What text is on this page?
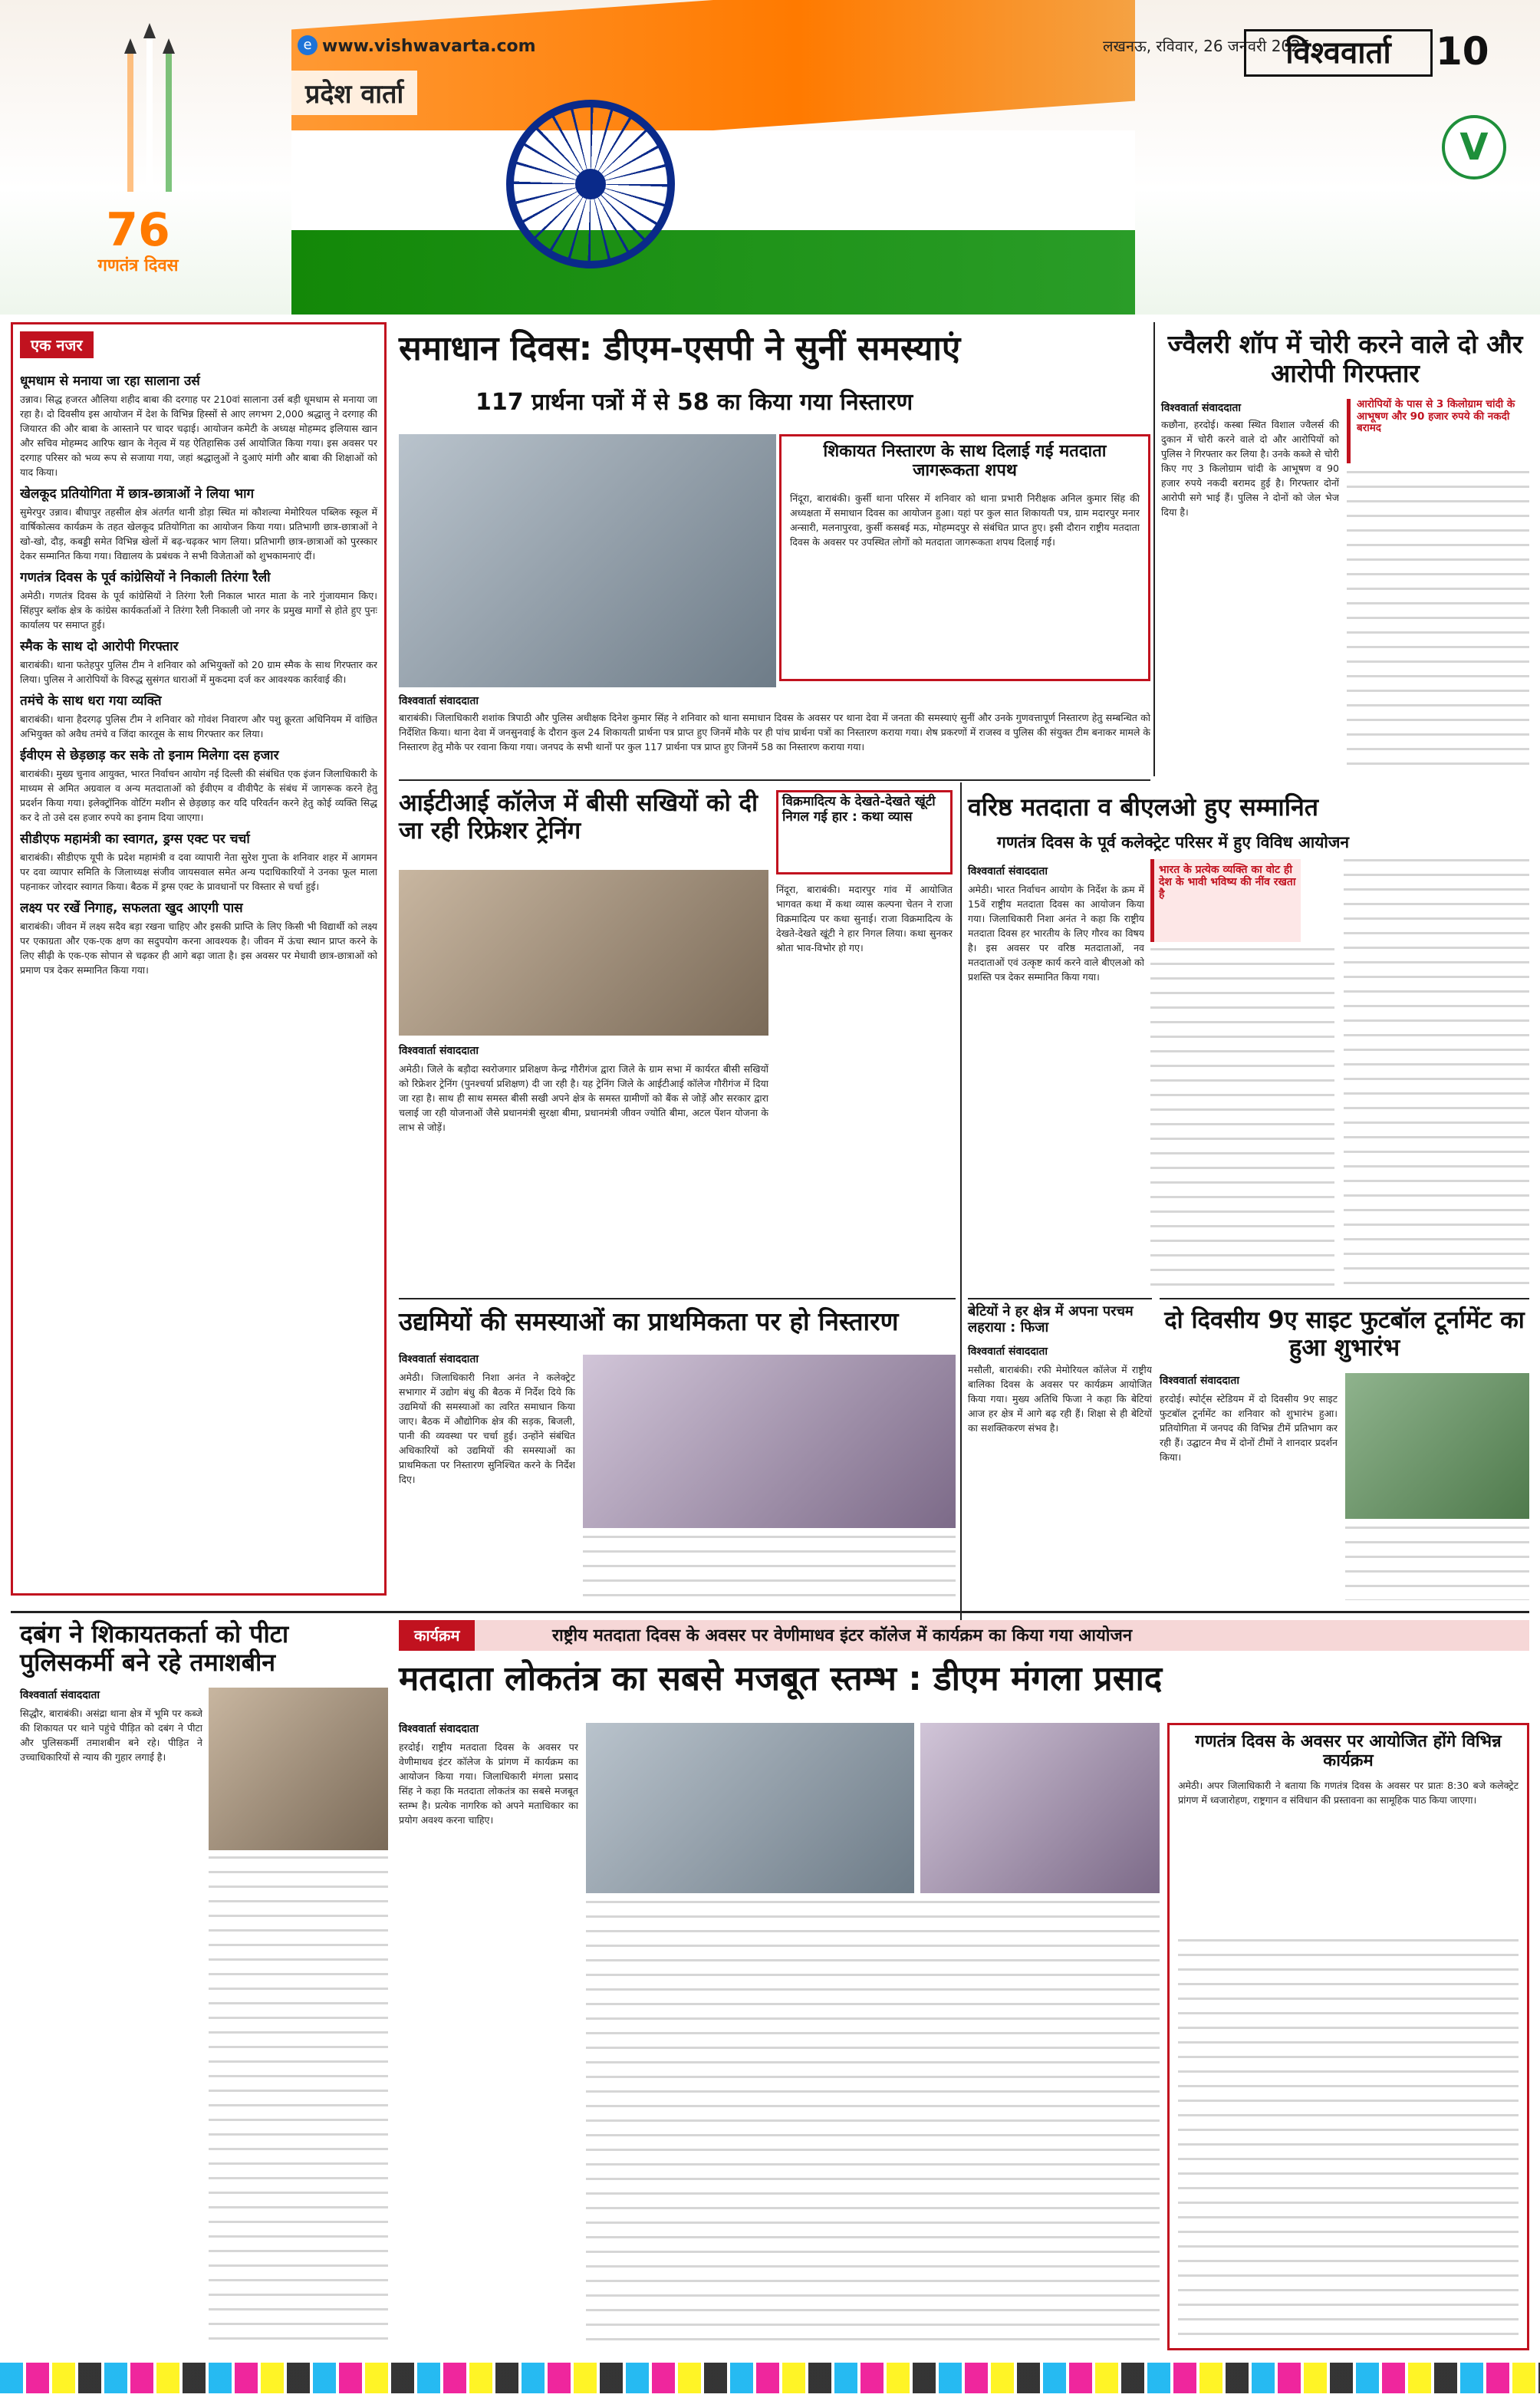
76
गणतंत्र दिवस
e www.vishwavarta.com
प्रदेश वार्ता
लखनऊ, रविवार, 26 जनवरी 2025
विश्ववार्ता	10
V
एक नजर
धूमधाम से मनाया जा रहा सालाना उर्स
उन्नाव। सिद्ध हजरत औलिया शहीद बाबा की दरगाह पर 210वां सालाना उर्स बड़ी धूमधाम से मनाया जा रहा है। दो दिवसीय इस आयोजन में देश के विभिन्न हिस्सों से आए लगभग 2,000 श्रद्धालु ने दरगाह की जियारत की और बाबा के आस्ताने पर चादर चढ़ाई। आयोजन कमेटी के अध्यक्ष मोहम्मद इलियास खान और सचिव मोहम्मद आरिफ खान के नेतृत्व में यह ऐतिहासिक उर्स आयोजित किया गया। इस अवसर पर दरगाह परिसर को भव्य रूप से सजाया गया, जहां श्रद्धालुओं ने दुआएं मांगी और बाबा की शिक्षाओं को याद किया।
खेलकूद प्रतियोगिता में छात्र-छात्राओं ने लिया भाग
सुमेरपुर उन्नाव। बीघापुर तहसील क्षेत्र अंतर्गत थानी डोड़ा स्थित मां कौशल्या मेमोरियल पब्लिक स्कूल में वार्षिकोत्सव कार्यक्रम के तहत खेलकूद प्रतियोगिता का आयोजन किया गया। प्रतिभागी छात्र-छात्राओं ने खो-खो, दौड़, कबड्डी समेत विभिन्न खेलों में बढ़-चढ़कर भाग लिया। प्रतिभागी छात्र-छात्राओं को पुरस्कार देकर सम्मानित किया गया। विद्यालय के प्रबंधक ने सभी विजेताओं को शुभकामनाएं दीं।
गणतंत्र दिवस के पूर्व कांग्रेसियों ने निकाली तिरंगा रैली
अमेठी। गणतंत्र दिवस के पूर्व कांग्रेसियों ने तिरंगा रैली निकाल भारत माता के नारे गुंजायमान किए। सिंहपुर ब्लॉक क्षेत्र के कांग्रेस कार्यकर्ताओं ने तिरंगा रैली निकाली जो नगर के प्रमुख मार्गों से होते हुए पुनः कार्यालय पर समाप्त हुई।
स्मैक के साथ दो आरोपी गिरफ्तार
बाराबंकी। थाना फतेहपुर पुलिस टीम ने शनिवार को अभियुक्तों को 20 ग्राम स्मैक के साथ गिरफ्तार कर लिया। पुलिस ने आरोपियों के विरुद्ध सुसंगत धाराओं में मुकदमा दर्ज कर आवश्यक कार्रवाई की।
तमंचे के साथ धरा गया व्यक्ति
बाराबंकी। थाना हैदरगढ़ पुलिस टीम ने शनिवार को गोवंश निवारण और पशु क्रूरता अधिनियम में वांछित अभियुक्त को अवैध तमंचे व जिंदा कारतूस के साथ गिरफ्तार कर लिया।
ईवीएम से छेड़छाड़ कर सके तो इनाम मिलेगा दस हजार
बाराबंकी। मुख्य चुनाव आयुक्त, भारत निर्वाचन आयोग नई दिल्ली की संबंधित एक इंजन जिलाधिकारी के माध्यम से अमित अग्रवाल व अन्य मतदाताओं को ईवीएम व वीवीपैट के संबंध में जागरूक करने हेतु प्रदर्शन किया गया। इलेक्ट्रॉनिक वोटिंग मशीन से छेड़छाड़ कर यदि परिवर्तन करने हेतु कोई व्यक्ति सिद्ध कर दे तो उसे दस हजार रुपये का इनाम दिया जाएगा।
सीडीएफ महामंत्री का स्वागत, ड्रग्स एक्ट पर चर्चा
बाराबंकी। सीडीएफ यूपी के प्रदेश महामंत्री व दवा व्यापारी नेता सुरेश गुप्ता के शनिवार शहर में आगमन पर दवा व्यापार समिति के जिलाध्यक्ष संजीव जायसवाल समेत अन्य पदाधिकारियों ने उनका फूल माला पहनाकर जोरदार स्वागत किया। बैठक में ड्रग्स एक्ट के प्रावधानों पर विस्तार से चर्चा हुई।
लक्ष्य पर रखें निगाह, सफलता खुद आएगी पास
बाराबंकी। जीवन में लक्ष्य सदैव बड़ा रखना चाहिए और इसकी प्राप्ति के लिए किसी भी विद्यार्थी को लक्ष्य पर एकाग्रता और एक-एक क्षण का सदुपयोग करना आवश्यक है। जीवन में ऊंचा स्थान प्राप्त करने के लिए सीढ़ी के एक-एक सोपान से चढ़कर ही आगे बढ़ा जाता है। इस अवसर पर मेधावी छात्र-छात्राओं को प्रमाण पत्र देकर सम्मानित किया गया।
समाधान दिवस: डीएम-एसपी ने सुनीं समस्याएं
117 प्रार्थना पत्रों में से 58 का किया गया निस्तारण
शिकायत निस्तारण के साथ दिलाई गई मतदाता जागरूकता शपथ
निंदूरा, बाराबंकी। कुर्सी थाना परिसर में शनिवार को थाना प्रभारी निरीक्षक अनिल कुमार सिंह की अध्यक्षता में समाधान दिवस का आयोजन हुआ। यहां पर कुल सात शिकायती पत्र, ग्राम मदारपुर मनार अन्सारी, मलनापुरवा, कुर्सी कसबई मऊ, मोहम्मदपुर से संबंधित प्राप्त हुए। इसी दौरान राष्ट्रीय मतदाता दिवस के अवसर पर उपस्थित लोगों को मतदाता जागरूकता शपथ दिलाई गई।
विश्ववार्ता संवाददाता
बाराबंकी। जिलाधिकारी शशांक त्रिपाठी और पुलिस अधीक्षक दिनेश कुमार सिंह ने शनिवार को थाना समाधान दिवस के अवसर पर थाना देवा में जनता की समस्याएं सुनीं और उनके गुणवत्तापूर्ण निस्तारण हेतु सम्बन्धित को निर्देशित किया। थाना देवा में जनसुनवाई के दौरान कुल 24 शिकायती प्रार्थना पत्र प्राप्त हुए जिनमें मौके पर ही पांच प्रार्थना पत्रों का निस्तारण कराया गया। शेष प्रकरणों में राजस्व व पुलिस की संयुक्त टीम बनाकर मामले के निस्तारण हेतु मौके पर रवाना किया गया। जनपद के सभी थानों पर कुल 117 प्रार्थना पत्र प्राप्त हुए जिनमें 58 का निस्तारण कराया गया।
आईटीआई कॉलेज में बीसी सखियों को दी जा रही रिफ्रेशर ट्रेनिंग
विश्ववार्ता संवाददाता
अमेठी। जिले के बड़ौदा स्वरोजगार प्रशिक्षण केन्द्र गौरीगंज द्वारा जिले के ग्राम सभा में कार्यरत बीसी सखियों को रिफ्रेशर ट्रेनिंग (पुनश्चर्या प्रशिक्षण) दी जा रही है। यह ट्रेनिंग जिले के आईटीआई कॉलेज गौरीगंज में दिया जा रहा है। साथ ही साथ समस्त बीसी सखी अपने क्षेत्र के समस्त ग्रामीणों को बैंक से जोड़ें और सरकार द्वारा चलाई जा रही योजनाओं जैसे प्रधानमंत्री सुरक्षा बीमा, प्रधानमंत्री जीवन ज्योति बीमा, अटल पेंशन योजना के लाभ से जोड़ें।
विक्रमादित्य के देखते-देखते खूंटी निगल गई हार : कथा व्यास
निंदूरा, बाराबंकी। मदारपुर गांव में आयोजित भागवत कथा में कथा व्यास कल्पना चेतन ने राजा विक्रमादित्य पर कथा सुनाई। राजा विक्रमादित्य के देखते-देखते खूंटी ने हार निगल लिया। कथा सुनकर श्रोता भाव-विभोर हो गए।
वरिष्ठ मतदाता व बीएलओ हुए सम्मानित
गणतंत्र दिवस के पूर्व कलेक्ट्रेट परिसर में हुए विविध आयोजन
विश्ववार्ता संवाददाता
अमेठी। भारत निर्वाचन आयोग के निर्देश के क्रम में 15वें राष्ट्रीय मतदाता दिवस का आयोजन किया गया। जिलाधिकारी निशा अनंत ने कहा कि राष्ट्रीय मतदाता दिवस हर भारतीय के लिए गौरव का विषय है। इस अवसर पर वरिष्ठ मतदाताओं, नव मतदाताओं एवं उत्कृष्ट कार्य करने वाले बीएलओ को प्रशस्ति पत्र देकर सम्मानित किया गया।
भारत के प्रत्येक व्यक्ति का वोट ही देश के भावी भविष्य की नींव रखता है
ज्वैलरी शॉप में चोरी करने वाले दो और आरोपी गिरफ्तार
विश्ववार्ता संवाददाता	आरोपियों के पास से 3 किलोग्राम चांदी के आभूषण और 90 हजार रुपये की नकदी बरामद
कछौना, हरदोई। कस्बा स्थित विशाल ज्वैलर्स की दुकान में चोरी करने वाले दो और आरोपियों को पुलिस ने गिरफ्तार कर लिया है। उनके कब्जे से चोरी किए गए 3 किलोग्राम चांदी के आभूषण व 90 हजार रुपये नकदी बरामद हुई है। गिरफ्तार दोनों आरोपी सगे भाई हैं। पुलिस ने दोनों को जेल भेज दिया है।
उद्यमियों की समस्याओं का प्राथमिकता पर हो निस्तारण
विश्ववार्ता संवाददाता
अमेठी। जिलाधिकारी निशा अनंत ने कलेक्ट्रेट सभागार में उद्योग बंधु की बैठक में निर्देश दिये कि उद्यमियों की समस्याओं का त्वरित समाधान किया जाए। बैठक में औद्योगिक क्षेत्र की सड़क, बिजली, पानी की व्यवस्था पर चर्चा हुई। उन्होंने संबंधित अधिकारियों को उद्यमियों की समस्याओं का प्राथमिकता पर निस्तारण सुनिश्चित करने के निर्देश दिए।
बेटियों ने हर क्षेत्र में अपना परचम लहराया : फिजा
विश्ववार्ता संवाददाता
मसौली, बाराबंकी। रफी मेमोरियल कॉलेज में राष्ट्रीय बालिका दिवस के अवसर पर कार्यक्रम आयोजित किया गया। मुख्य अतिथि फिजा ने कहा कि बेटियां आज हर क्षेत्र में आगे बढ़ रही हैं। शिक्षा से ही बेटियों का सशक्तिकरण संभव है।
दो दिवसीय 9ए साइट फुटबॉल टूर्नामेंट का हुआ शुभारंभ
विश्ववार्ता संवाददाता
हरदोई। स्पोर्ट्स स्टेडियम में दो दिवसीय 9ए साइट फुटबॉल टूर्नामेंट का शनिवार को शुभारंभ हुआ। प्रतियोगिता में जनपद की विभिन्न टीमें प्रतिभाग कर रही हैं। उद्घाटन मैच में दोनों टीमों ने शानदार प्रदर्शन किया।
दबंग ने शिकायतकर्ता को पीटा पुलिसकर्मी बने रहे तमाशबीन
विश्ववार्ता संवाददाता
सिद्धौर, बाराबंकी। असंद्रा थाना क्षेत्र में भूमि पर कब्जे की शिकायत पर थाने पहुंचे पीड़ित को दबंग ने पीटा और पुलिसकर्मी तमाशबीन बने रहे। पीड़ित ने उच्चाधिकारियों से न्याय की गुहार लगाई है।
कार्यक्रम	राष्ट्रीय मतदाता दिवस के अवसर पर वेणीमाधव इंटर कॉलेज में कार्यक्रम का किया गया आयोजन
मतदाता लोकतंत्र का सबसे मजबूत स्तम्भ : डीएम मंगला प्रसाद
विश्ववार्ता संवाददाता
हरदोई। राष्ट्रीय मतदाता दिवस के अवसर पर वेणीमाधव इंटर कॉलेज के प्रांगण में कार्यक्रम का आयोजन किया गया। जिलाधिकारी मंगला प्रसाद सिंह ने कहा कि मतदाता लोकतंत्र का सबसे मजबूत स्तम्भ है। प्रत्येक नागरिक को अपने मताधिकार का प्रयोग अवश्य करना चाहिए।
गणतंत्र दिवस के अवसर पर आयोजित होंगे विभिन्न कार्यक्रम
अमेठी। अपर जिलाधिकारी ने बताया कि गणतंत्र दिवस के अवसर पर प्रातः 8:30 बजे कलेक्ट्रेट प्रांगण में ध्वजारोहण, राष्ट्रगान व संविधान की प्रस्तावना का सामूहिक पाठ किया जाएगा।
